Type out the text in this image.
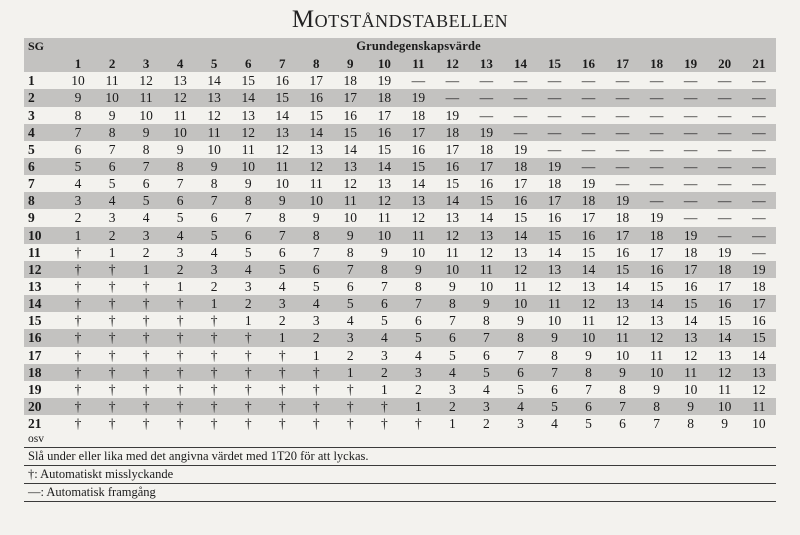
Motståndstabellen
SG	Grundegenskapsvärde																				
	1	2	3	4	5	6	7	8	9	10	11	12	13	14	15	16	17	18	19	20	21
1	10	11	12	13	14	15	16	17	18	19	—	—	—	—	—	—	—	—	—	—	—
2	9	10	11	12	13	14	15	16	17	18	19	—	—	—	—	—	—	—	—	—	—
3	8	9	10	11	12	13	14	15	16	17	18	19	—	—	—	—	—	—	—	—	—
4	7	8	9	10	11	12	13	14	15	16	17	18	19	—	—	—	—	—	—	—	—
5	6	7	8	9	10	11	12	13	14	15	16	17	18	19	—	—	—	—	—	—	—
6	5	6	7	8	9	10	11	12	13	14	15	16	17	18	19	—	—	—	—	—	—
7	4	5	6	7	8	9	10	11	12	13	14	15	16	17	18	19	—	—	—	—	—
8	3	4	5	6	7	8	9	10	11	12	13	14	15	16	17	18	19	—	—	—	—
9	2	3	4	5	6	7	8	9	10	11	12	13	14	15	16	17	18	19	—	—	—
10	1	2	3	4	5	6	7	8	9	10	11	12	13	14	15	16	17	18	19	—	—
11	†	1	2	3	4	5	6	7	8	9	10	11	12	13	14	15	16	17	18	19	—
12	†	†	1	2	3	4	5	6	7	8	9	10	11	12	13	14	15	16	17	18	19
13	†	†	†	1	2	3	4	5	6	7	8	9	10	11	12	13	14	15	16	17	18
14	†	†	†	†	1	2	3	4	5	6	7	8	9	10	11	12	13	14	15	16	17
15	†	†	†	†	†	1	2	3	4	5	6	7	8	9	10	11	12	13	14	15	16
16	†	†	†	†	†	†	1	2	3	4	5	6	7	8	9	10	11	12	13	14	15
17	†	†	†	†	†	†	†	1	2	3	4	5	6	7	8	9	10	11	12	13	14
18	†	†	†	†	†	†	†	†	1	2	3	4	5	6	7	8	9	10	11	12	13
19	†	†	†	†	†	†	†	†	†	1	2	3	4	5	6	7	8	9	10	11	12
20	†	†	†	†	†	†	†	†	†	†	1	2	3	4	5	6	7	8	9	10	11
21	†	†	†	†	†	†	†	†	†	†	†	1	2	3	4	5	6	7	8	9	10
osv
Slå under eller lika med det angivna värdet med 1T20 för att lyckas.
†: Automatiskt misslyckande
—: Automatisk framgång
